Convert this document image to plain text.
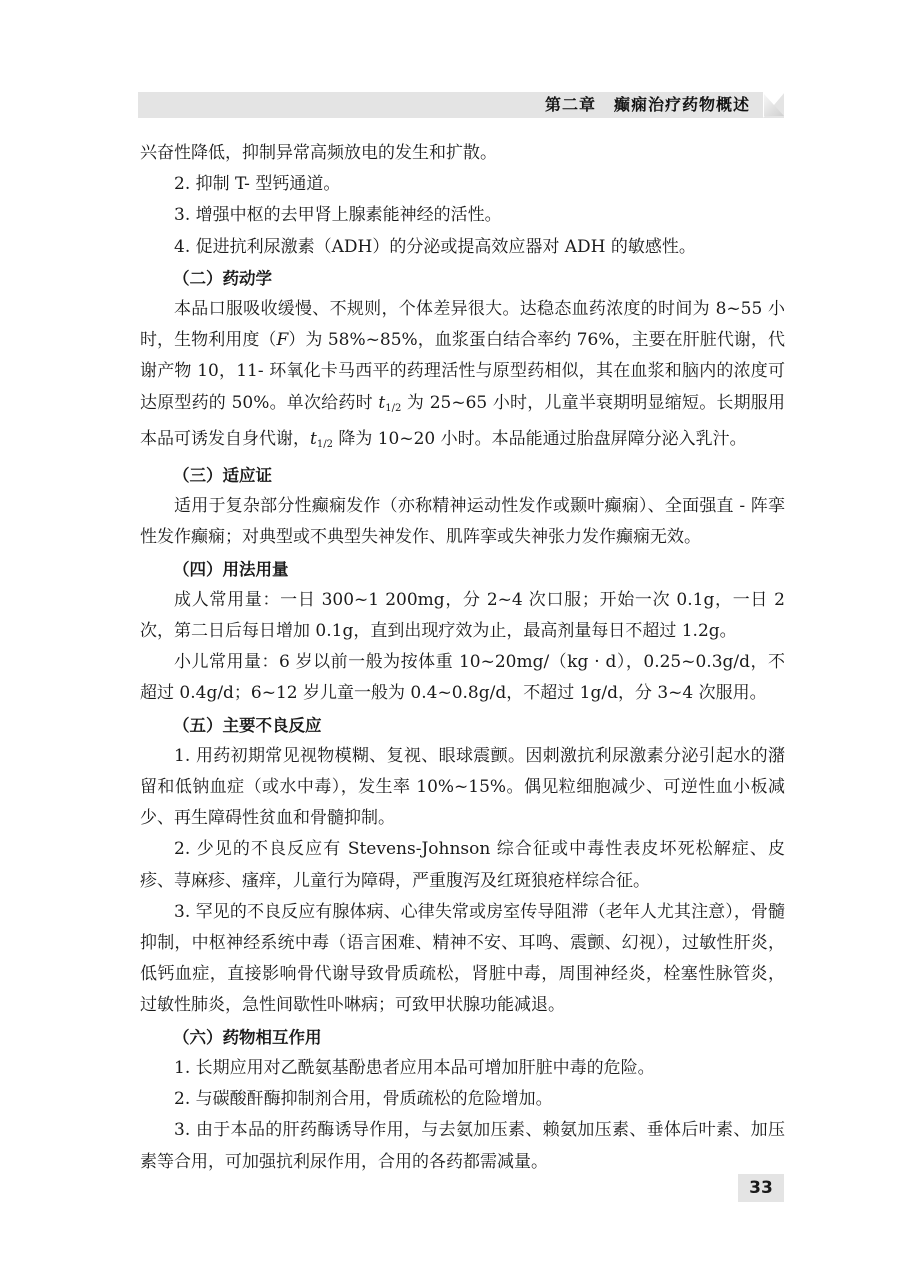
第二章 癫痫治疗药物概述

兴奋性降低，抑制异常高频放电的发生和扩散。

2. 抑制 T- 型钙通道。

3. 增强中枢的去甲肾上腺素能神经的活性。

4. 促进抗利尿激素（ADH）的分泌或提高效应器对 ADH 的敏感性。

（二）药动学

本品口服吸收缓慢、不规则，个体差异很大。达稳态血药浓度的时间为 8~55 小时，生物利用度（F）为 58%~85%，血浆蛋白结合率约 76%，主要在肝脏代谢，代谢产物 10，11- 环氧化卡马西平的药理活性与原型药相似，其在血浆和脑内的浓度可达原型药的 50%。单次给药时 $t_{1/2}$ 为 25~65 小时，儿童半衰期明显缩短。长期服用本品可诱发自身代谢，$t_{1/2}$ 降为 10~20 小时。本品能通过胎盘屏障分泌入乳汁。

（三）适应证

适用于复杂部分性癫痫发作（亦称精神运动性发作或颞叶癫痫）、全面强直 - 阵挛性发作癫痫；对典型或不典型失神发作、肌阵挛或失神张力发作癫痫无效。

（四）用法用量

成人常用量：一日 300~1 200mg，分 2~4 次口服；开始一次 0.1g，一日 2 次，第二日后每日增加 0.1g，直到出现疗效为止，最高剂量每日不超过 1.2g。

小儿常用量：6 岁以前一般为按体重 10~20mg/（kg · d），0.25~0.3g/d，不超过 0.4g/d；6~12 岁儿童一般为 0.4~0.8g/d，不超过 1g/d，分 3~4 次服用。

（五）主要不良反应

1. 用药初期常见视物模糊、复视、眼球震颤。因刺激抗利尿激素分泌引起水的潴留和低钠血症（或水中毒），发生率 10%~15%。偶见粒细胞减少、可逆性血小板减少、再生障碍性贫血和骨髓抑制。

2. 少见的不良反应有 Stevens-Johnson 综合征或中毒性表皮坏死松解症、皮疹、荨麻疹、瘙痒，儿童行为障碍，严重腹泻及红斑狼疮样综合征。

3. 罕见的不良反应有腺体病、心律失常或房室传导阻滞（老年人尤其注意），骨髓抑制，中枢神经系统中毒（语言困难、精神不安、耳鸣、震颤、幻视），过敏性肝炎，低钙血症，直接影响骨代谢导致骨质疏松，肾脏中毒，周围神经炎，栓塞性脉管炎，过敏性肺炎，急性间歇性卟啉病；可致甲状腺功能减退。

（六）药物相互作用

1. 长期应用对乙酰氨基酚患者应用本品可增加肝脏中毒的危险。

2. 与碳酸酐酶抑制剂合用，骨质疏松的危险增加。

3. 由于本品的肝药酶诱导作用，与去氨加压素、赖氨加压素、垂体后叶素、加压素等合用，可加强抗利尿作用，合用的各药都需减量。

33
